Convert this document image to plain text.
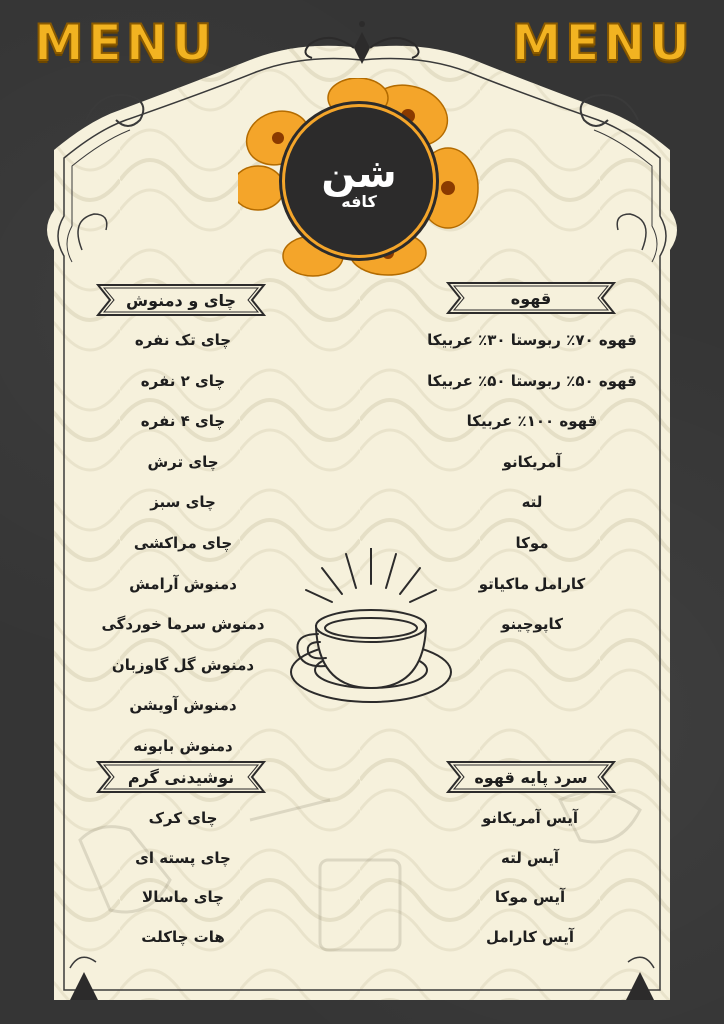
MENU	MENU
شن
کافه
قهوه
قهوه ۷۰٪ ربوستا ۳۰٪ عربیکا
قهوه ۵۰٪ ربوستا ۵۰٪ عربیکا
قهوه ۱۰۰٪ عربیکا
آمریکانو
لته
موکا
کارامل ماکیاتو
کاپوچینو
چای و دمنوش
چای تک نفره
چای ۲ نفره
چای ۴ نفره
چای ترش
چای سبز
چای مراکشی
دمنوش آرامش
دمنوش سرما خوردگی
دمنوش گل گاوزبان
دمنوش آویشن
دمنوش بابونه
سرد پایه قهوه
آیس آمریکانو
آیس لته
آیس موکا
آیس کارامل
نوشیدنی گرم
چای کرک
چای پسته ای
چای ماسالا
هات چاکلت
